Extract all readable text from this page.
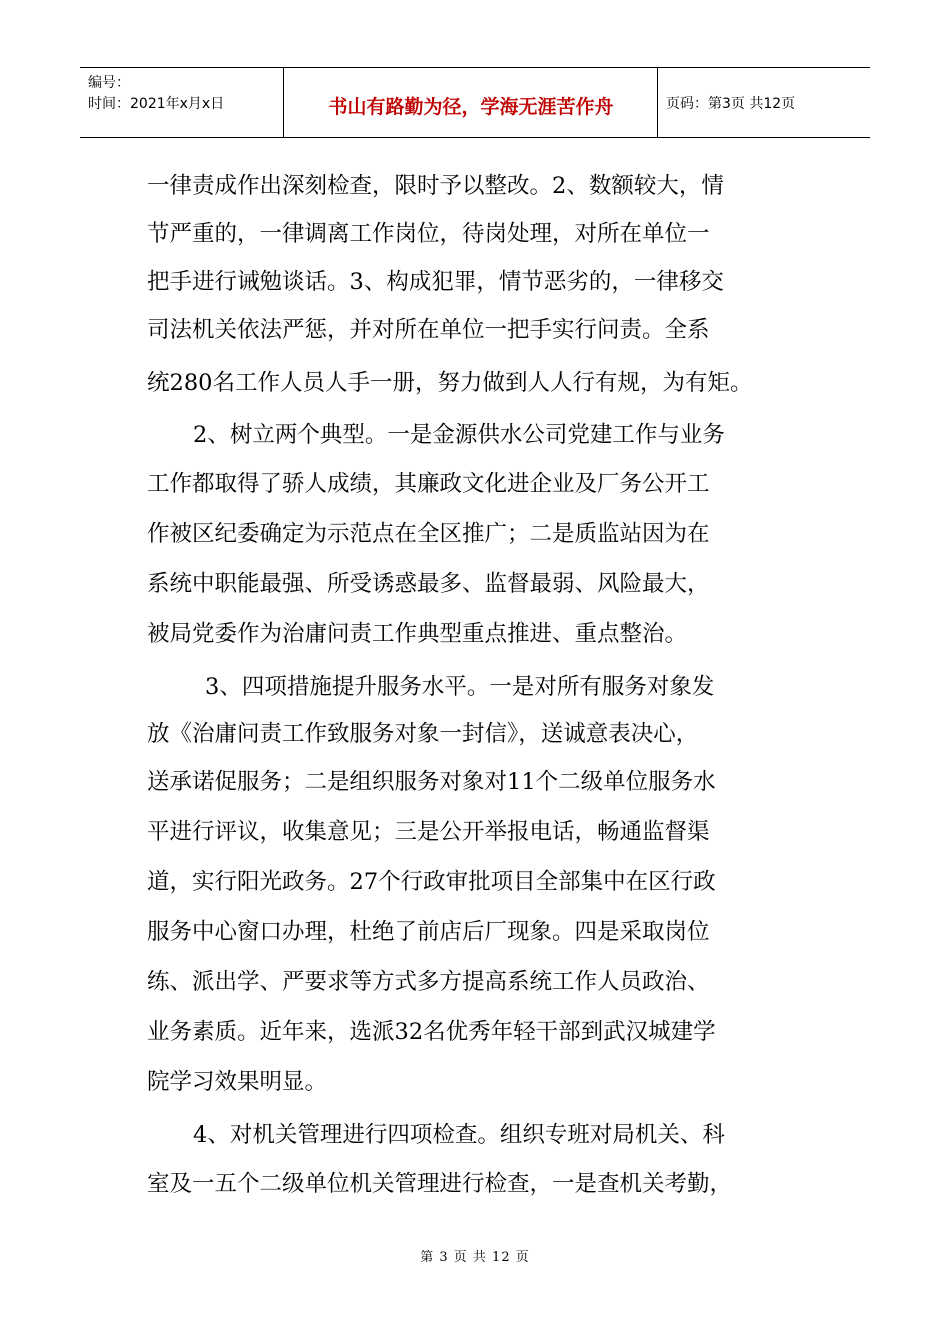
编号：
时间：2021年x月x日	书山有路勤为径，学海无涯苦作舟	页码：第3页 共12页
一律责成作出深刻检查，限时予以整改。2、数额较大，情
节严重的，一律调离工作岗位，待岗处理，对所在单位一
把手进行诫勉谈话。3、构成犯罪，情节恶劣的，一律移交
司法机关依法严惩，并对所在单位一把手实行问责。全系
统280名工作人员人手一册，努力做到人人行有规，为有矩。
2、树立两个典型。一是金源供水公司党建工作与业务
工作都取得了骄人成绩，其廉政文化进企业及厂务公开工
作被区纪委确定为示范点在全区推广；二是质监站因为在
系统中职能最强、所受诱惑最多、监督最弱、风险最大，
被局党委作为治庸问责工作典型重点推进、重点整治。
3、四项措施提升服务水平。一是对所有服务对象发
放《治庸问责工作致服务对象一封信》，送诚意表决心，
送承诺促服务；二是组织服务对象对11个二级单位服务水
平进行评议，收集意见；三是公开举报电话，畅通监督渠
道，实行阳光政务。27个行政审批项目全部集中在区行政
服务中心窗口办理，杜绝了前店后厂现象。四是采取岗位
练、派出学、严要求等方式多方提高系统工作人员政治、
业务素质。近年来，选派32名优秀年轻干部到武汉城建学
院学习效果明显。
4、对机关管理进行四项检查。组织专班对局机关、科
室及一五个二级单位机关管理进行检查，一是查机关考勤，
第 3 页 共 12 页
